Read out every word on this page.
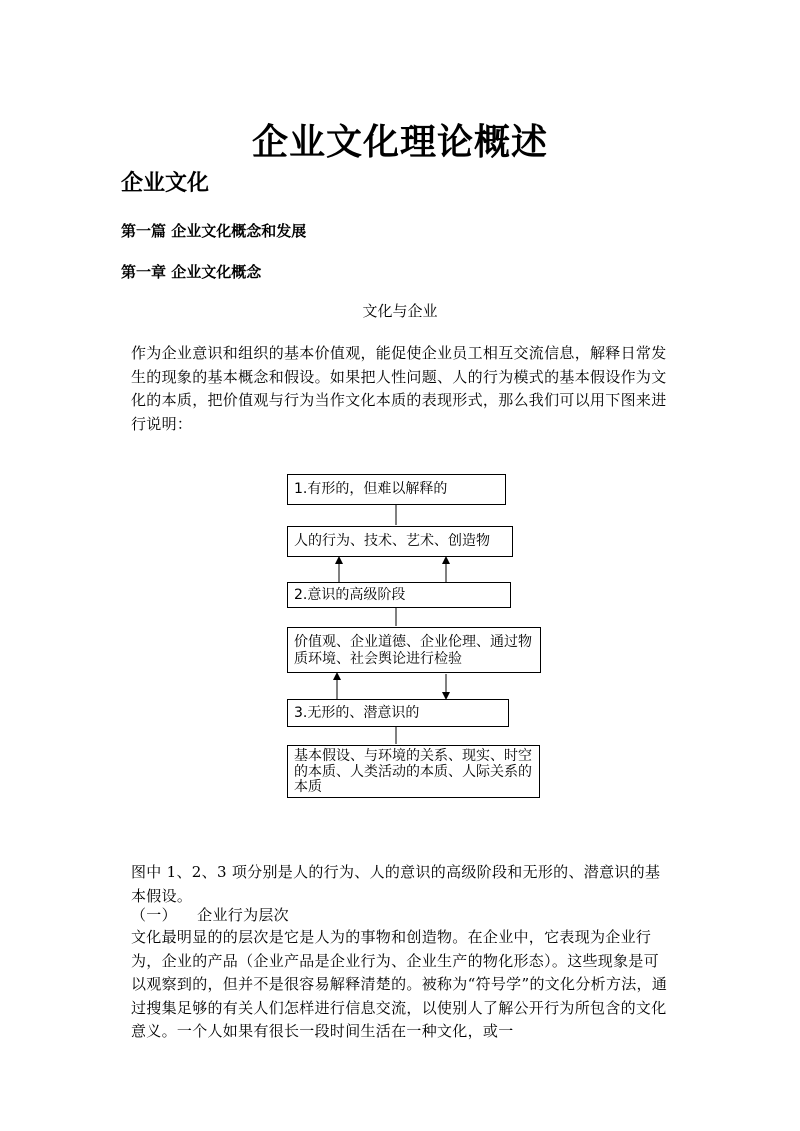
企业文化理论概述
企业文化
第一篇 企业文化概念和发展
第一章 企业文化概念
文化与企业
作为企业意识和组织的基本价值观，能促使企业员工相互交流信息，解释日常发生的现象的基本概念和假设。如果把人性问题、人的行为模式的基本假设作为文化的本质，把价值观与行为当作文化本质的表现形式，那么我们可以用下图来进行说明：
1.有形的，但难以解释的
人的行为、技术、艺术、创造物
2.意识的高级阶段
价值观、企业道德、企业伦理、通过物质环境、社会舆论进行检验
3.无形的、潜意识的
基本假设、与环境的关系、现实、时空的本质、人类活动的本质、人际关系的本质
图中 1、2、3 项分别是人的行为、人的意识的高级阶段和无形的、潜意识的基本假设。
（一）    企业行为层次
文化最明显的的层次是它是人为的事物和创造物。在企业中，它表现为企业行为，企业的产品（企业产品是企业行为、企业生产的物化形态）。这些现象是可以观察到的，但并不是很容易解释清楚的。被称为“符号学”的文化分析方法，通过搜集足够的有关人们怎样进行信息交流，以使别人了解公开行为所包含的文化意义。一个人如果有很长一段时间生活在一种文化，或一
